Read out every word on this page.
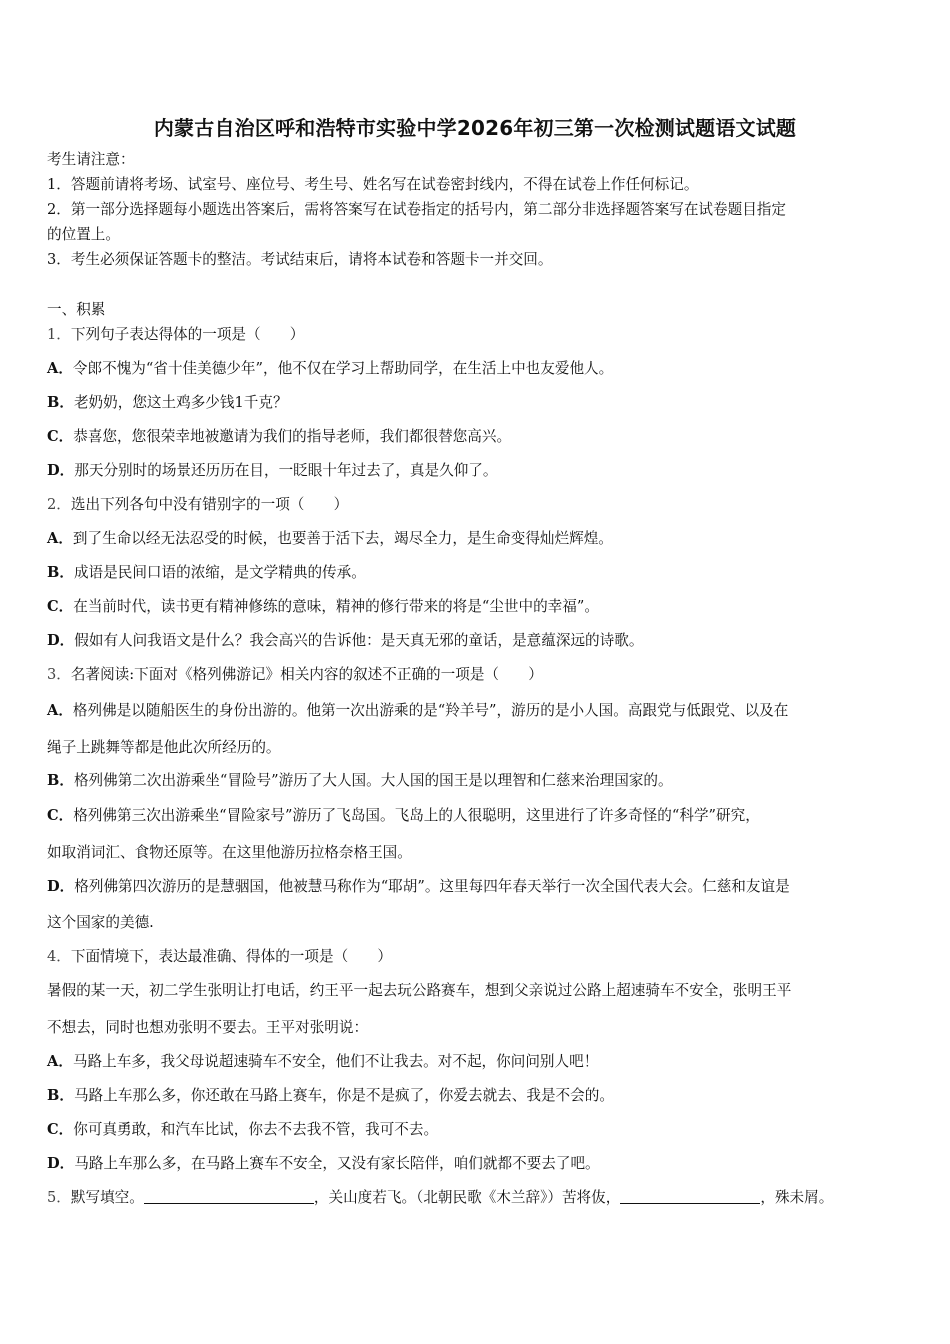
内蒙古自治区呼和浩特市实验中学2026年初三第一次检测试题语文试题
考生请注意：
1．答题前请将考场、试室号、座位号、考生号、姓名写在试卷密封线内，不得在试卷上作任何标记。
2．第一部分选择题每小题选出答案后，需将答案写在试卷指定的括号内，第二部分非选择题答案写在试卷题目指定
的位置上。
3．考生必须保证答题卡的整洁。考试结束后，请将本试卷和答题卡一并交回。
一、积累
1．下列句子表达得体的一项是（　　）
A．令郎不愧为“省十佳美德少年”，他不仅在学习上帮助同学，在生活上中也友爱他人。
B．老奶奶，您这土鸡多少钱1千克？
C．恭喜您，您很荣幸地被邀请为我们的指导老师，我们都很替您高兴。
D．那天分别时的场景还历历在目，一眨眼十年过去了，真是久仰了。
2．选出下列各句中没有错别字的一项（　　）
A．到了生命以经无法忍受的时候，也要善于活下去，竭尽全力，是生命变得灿烂辉煌。
B．成语是民间口语的浓缩，是文学精典的传承。
C．在当前时代，读书更有精神修练的意味，精神的修行带来的将是“尘世中的幸福”。
D．假如有人问我语文是什么？我会高兴的告诉他：是天真无邪的童话，是意蕴深远的诗歌。
3．名著阅读:下面对《格列佛游记》相关内容的叙述不正确的一项是（　　）
A．格列佛是以随船医生的身份出游的。他第一次出游乘的是“羚羊号”，游历的是小人国。高跟党与低跟党、以及在
绳子上跳舞等都是他此次所经历的。
B．格列佛第二次出游乘坐“冒险号”游历了大人国。大人国的国王是以理智和仁慈来治理国家的。
C．格列佛第三次出游乘坐“冒险家号”游历了飞岛国。飞岛上的人很聪明，这里进行了许多奇怪的“科学”研究，
如取消词汇、食物还原等。在这里他游历拉格奈格王国。
D．格列佛第四次游历的是慧骃国，他被慧马称作为“耶胡”。这里每四年春天举行一次全国代表大会。仁慈和友谊是
这个国家的美德.
4．下面情境下，表达最准确、得体的一项是（　　）
暑假的某一天，初二学生张明让打电话，约王平一起去玩公路赛车，想到父亲说过公路上超速骑车不安全，张明王平
不想去，同时也想劝张明不要去。王平对张明说：
A．马路上车多，我父母说超速骑车不安全，他们不让我去。对不起，你问问别人吧！
B．马路上车那么多，你还敢在马路上赛车，你是不是疯了，你爱去就去、我是不会的。
C．你可真勇敢，和汽车比试，你去不去我不管，我可不去。
D．马路上车那么多，在马路上赛车不安全，又没有家长陪伴，咱们就都不要去了吧。
5．默写填空。	，关山度若飞。（北朝民歌《木兰辞》）苦将伖，	，殊未屑。
